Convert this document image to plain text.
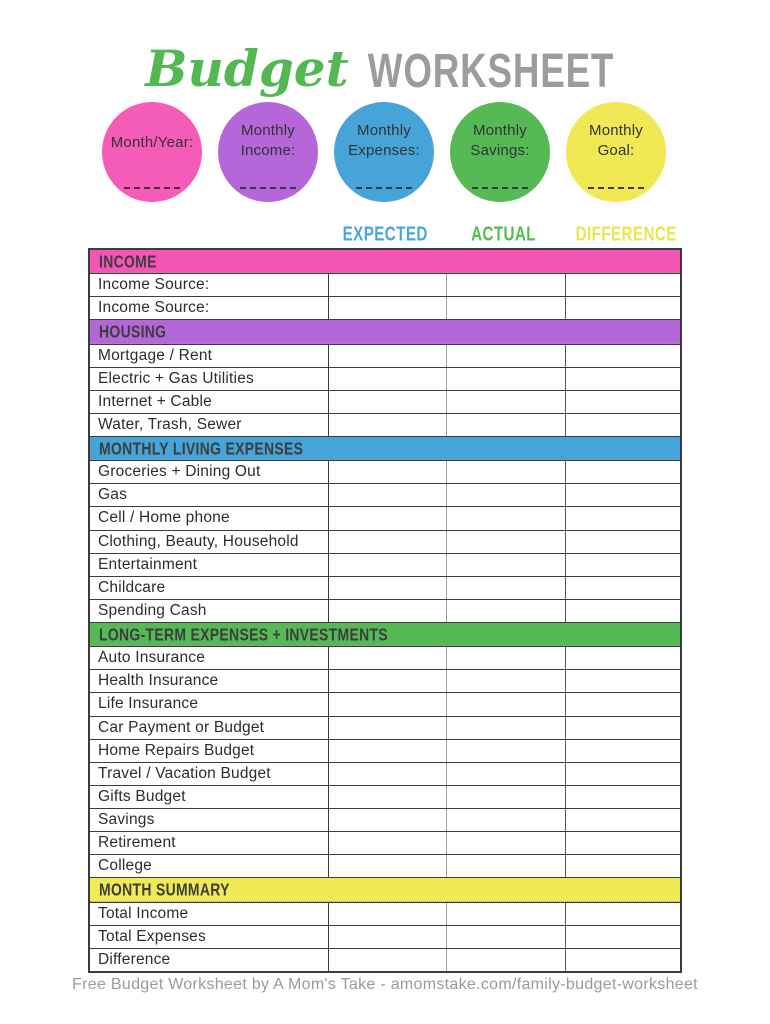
Budget WORKSHEET
Month/Year:
Monthly
Income:
Monthly
Expenses:
Monthly
Savings:
Monthly
Goal:
EXPECTED	ACTUAL	DIFFERENCE
INCOME
Income Source:
Income Source:
HOUSING
Mortgage / Rent
Electric + Gas Utilities
Internet + Cable
Water, Trash, Sewer
MONTHLY LIVING EXPENSES
Groceries + Dining Out
Gas
Cell / Home phone
Clothing, Beauty, Household
Entertainment
Childcare
Spending Cash
LONG-TERM EXPENSES + INVESTMENTS
Auto Insurance
Health Insurance
Life Insurance
Car Payment or Budget
Home Repairs Budget
Travel / Vacation Budget
Gifts Budget
Savings
Retirement
College
MONTH SUMMARY
Total Income
Total Expenses
Difference
Free Budget Worksheet by A Mom's Take - amomstake.com/family-budget-worksheet
